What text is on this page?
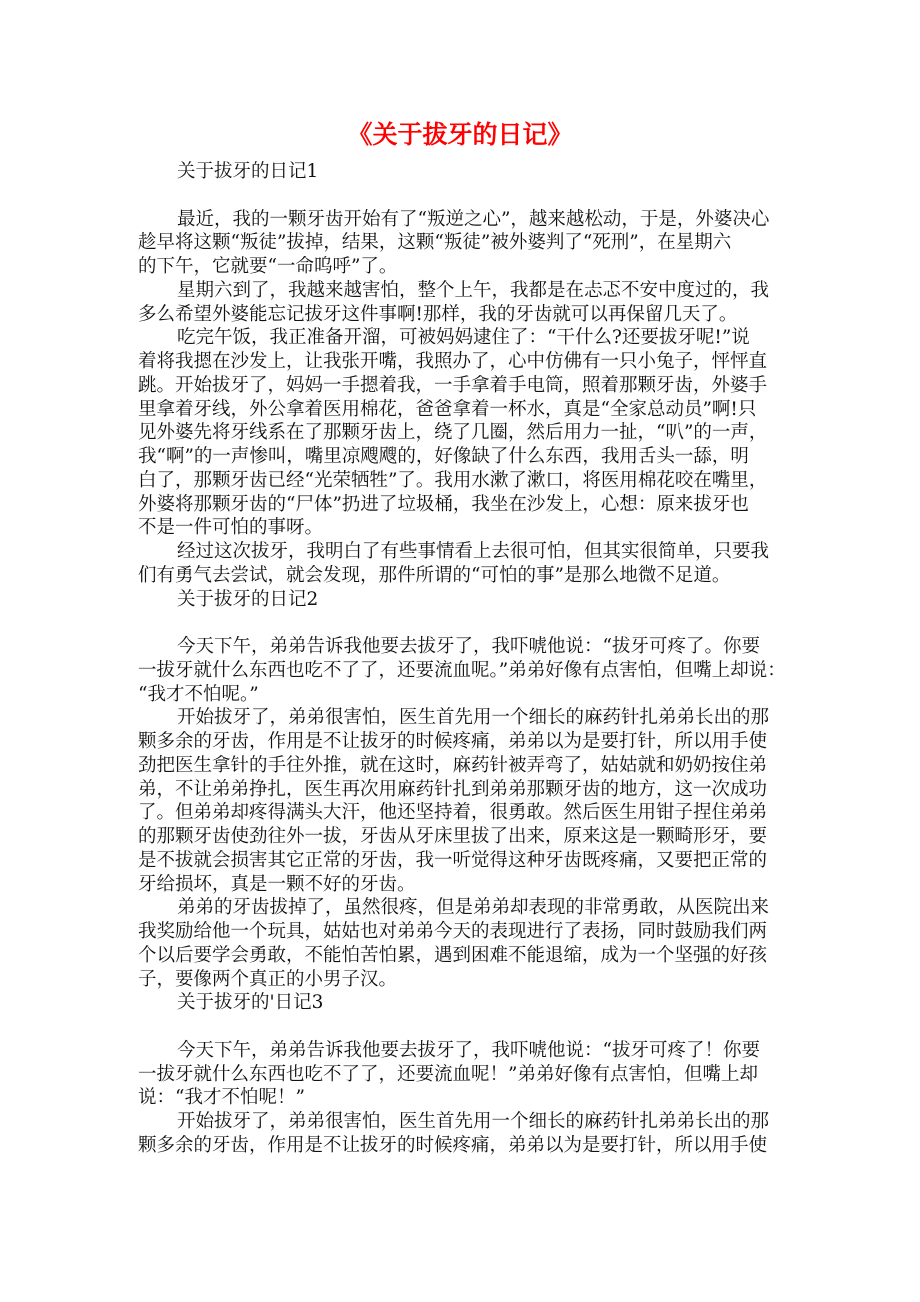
《关于拔牙的日记》
关于拔牙的日记1
最近，我的一颗牙齿开始有了“叛逆之心”，越来越松动，于是，外婆决心
趁早将这颗“叛徒”拔掉，结果，这颗“叛徒”被外婆判了“死刑”，在星期六
的下午，它就要“一命呜呼”了。
星期六到了，我越来越害怕，整个上午，我都是在忐忑不安中度过的，我
多么希望外婆能忘记拔牙这件事啊!那样，我的牙齿就可以再保留几天了。
吃完午饭，我正准备开溜，可被妈妈逮住了：“干什么?还要拔牙呢!”说
着将我摁在沙发上，让我张开嘴，我照办了，心中仿佛有一只小兔子，怦怦直
跳。开始拔牙了，妈妈一手摁着我，一手拿着手电筒，照着那颗牙齿，外婆手
里拿着牙线，外公拿着医用棉花，爸爸拿着一杯水，真是“全家总动员”啊!只
见外婆先将牙线系在了那颗牙齿上，绕了几圈，然后用力一扯，“叭”的一声，
我“啊”的一声惨叫，嘴里凉飕飕的，好像缺了什么东西，我用舌头一舔，明
白了，那颗牙齿已经“光荣牺牲”了。我用水漱了漱口，将医用棉花咬在嘴里，
外婆将那颗牙齿的“尸体”扔进了垃圾桶，我坐在沙发上，心想：原来拔牙也
不是一件可怕的事呀。
经过这次拔牙，我明白了有些事情看上去很可怕，但其实很简单，只要我
们有勇气去尝试，就会发现，那件所谓的“可怕的事”是那么地微不足道。
关于拔牙的日记2
今天下午，弟弟告诉我他要去拔牙了，我吓唬他说：“拔牙可疼了。你要
一拔牙就什么东西也吃不了了，还要流血呢。”弟弟好像有点害怕，但嘴上却说：
“我才不怕呢。”
开始拔牙了，弟弟很害怕，医生首先用一个细长的麻药针扎弟弟长出的那
颗多余的牙齿，作用是不让拔牙的时候疼痛，弟弟以为是要打针，所以用手使
劲把医生拿针的手往外推，就在这时，麻药针被弄弯了，姑姑就和奶奶按住弟
弟，不让弟弟挣扎，医生再次用麻药针扎到弟弟那颗牙齿的地方，这一次成功
了。但弟弟却疼得满头大汗，他还坚持着，很勇敢。然后医生用钳子捏住弟弟
的那颗牙齿使劲往外一拔，牙齿从牙床里拔了出来，原来这是一颗畸形牙，要
是不拔就会损害其它正常的牙齿，我一听觉得这种牙齿既疼痛，又要把正常的
牙给损坏，真是一颗不好的牙齿。
弟弟的牙齿拔掉了，虽然很疼，但是弟弟却表现的非常勇敢，从医院出来
我奖励给他一个玩具，姑姑也对弟弟今天的表现进行了表扬，同时鼓励我们两
个以后要学会勇敢，不能怕苦怕累，遇到困难不能退缩，成为一个坚强的好孩
子，要像两个真正的小男子汉。
关于拔牙的'日记3
今天下午，弟弟告诉我他要去拔牙了，我吓唬他说：“拔牙可疼了！你要
一拔牙就什么东西也吃不了了，还要流血呢！”弟弟好像有点害怕，但嘴上却
说：“我才不怕呢！”
开始拔牙了，弟弟很害怕，医生首先用一个细长的麻药针扎弟弟长出的那
颗多余的牙齿，作用是不让拔牙的时候疼痛，弟弟以为是要打针，所以用手使
